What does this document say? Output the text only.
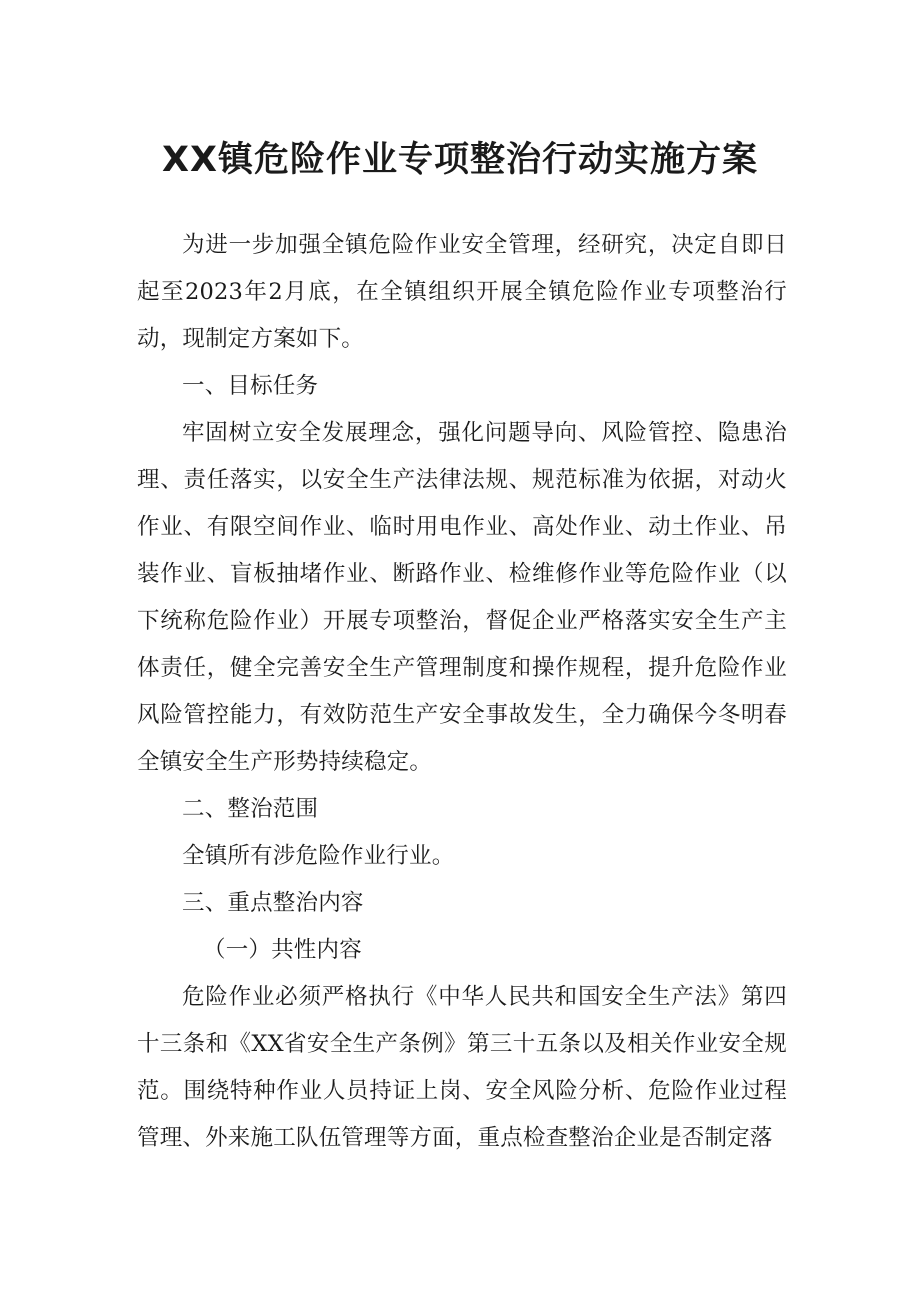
XX镇危险作业专项整治行动实施方案

为进一步加强全镇危险作业安全管理，经研究，决定自即日起至2023年2月底，在全镇组织开展全镇危险作业专项整治行动，现制定方案如下。

一、目标任务

牢固树立安全发展理念，强化问题导向、风险管控、隐患治理、责任落实，以安全生产法律法规、规范标准为依据，对动火作业、有限空间作业、临时用电作业、高处作业、动土作业、吊装作业、盲板抽堵作业、断路作业、检维修作业等危险作业（以下统称危险作业）开展专项整治，督促企业严格落实安全生产主体责任，健全完善安全生产管理制度和操作规程，提升危险作业风险管控能力，有效防范生产安全事故发生，全力确保今冬明春全镇安全生产形势持续稳定。

二、整治范围

全镇所有涉危险作业行业。

三、重点整治内容
（一）共性内容

危险作业必须严格执行《中华人民共和国安全生产法》第四十三条和《XX省安全生产条例》第三十五条以及相关作业安全规范。围绕特种作业人员持证上岗、安全风险分析、危险作业过程管理、外来施工队伍管理等方面，重点检查整治企业是否制定落
